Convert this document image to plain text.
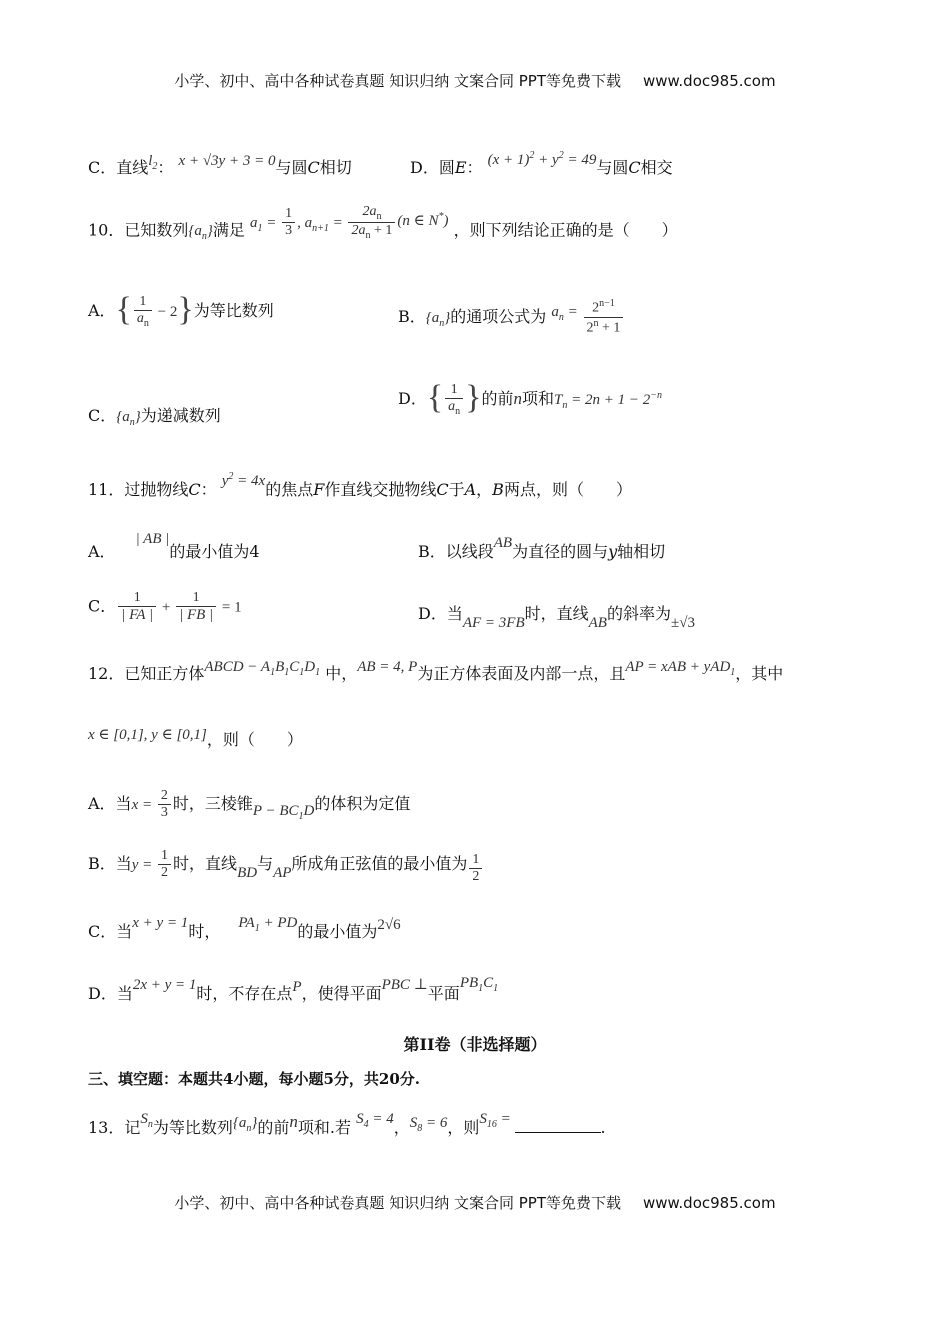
小学、初中、高中各种试卷真题 知识归纳 文案合同 PPT等免费下载 www.doc985.com
C．直线$l_2$： x + √3y + 3 = 0与圆C相切	D．圆E： $(x + 1)^2 + y^2 = 49$与圆C相交
10．已知数列$\{a_n\}$满足 $a_1 = \frac{1}{3}$ , $a_{n+1} = \frac{2a_n}{2a_n + 1} (n$ ∈ N*) ，则下列结论正确的是（　　）
A．{ $\frac{1}{a_n} - 2$}为等比数列	B．$\{a_n\}$的通项公式为 $a_n = \frac{2^{n-1}}{2^n + 1}$
C．$\{a_n\}$为递减数列
D．{ $\frac{1}{a_n}$ }的前n项和$T_n = 2n + 1 - 2^{-n}$
11．过抛物线C： $y^2 = 4x$的焦点F作直线交抛物线C于A，B两点，则（　　）
A．| AB |的最小值为4	B．以线段AB为直径的圆与y轴相切
C． $\frac{1}{| FA |} + \frac{1}{| FB |} = 1$	D．当AF = 3FB时，直线AB的斜率为±√3
12．已知正方体ABCD − $A_1B_1C_1D_1$ 中，AB = 4, P为正方体表面及内部一点，且AP = xAB + yAD$_1$，其中
x ∈ [0,1], y ∈ [0,1]，则（　　）
A．当$x = \frac{2}{3}$ 时，三棱锥$P - BC_1D$的体积为定值
B．当$y = \frac{1}{2}$ 时，直线BD与AP所成角正弦值的最小值为 $\frac{1}{2}$
C．当x + y = 1时， $PA_1$ + PD的最小值为2√6
D．当2x + y = 1时，不存在点P，使得平面PBC ⊥平面$PB_1C_1$
第II卷（非选择题）
三、填空题：本题共4小题，每小题5分，共20分.
13．记$S_n$为等比数列$\{a_n\}$的前n项和.若 $S_4 = 4$，$S_8 = 6$，则$S_{16}$ =	.
小学、初中、高中各种试卷真题 知识归纳 文案合同 PPT等免费下载 www.doc985.com
